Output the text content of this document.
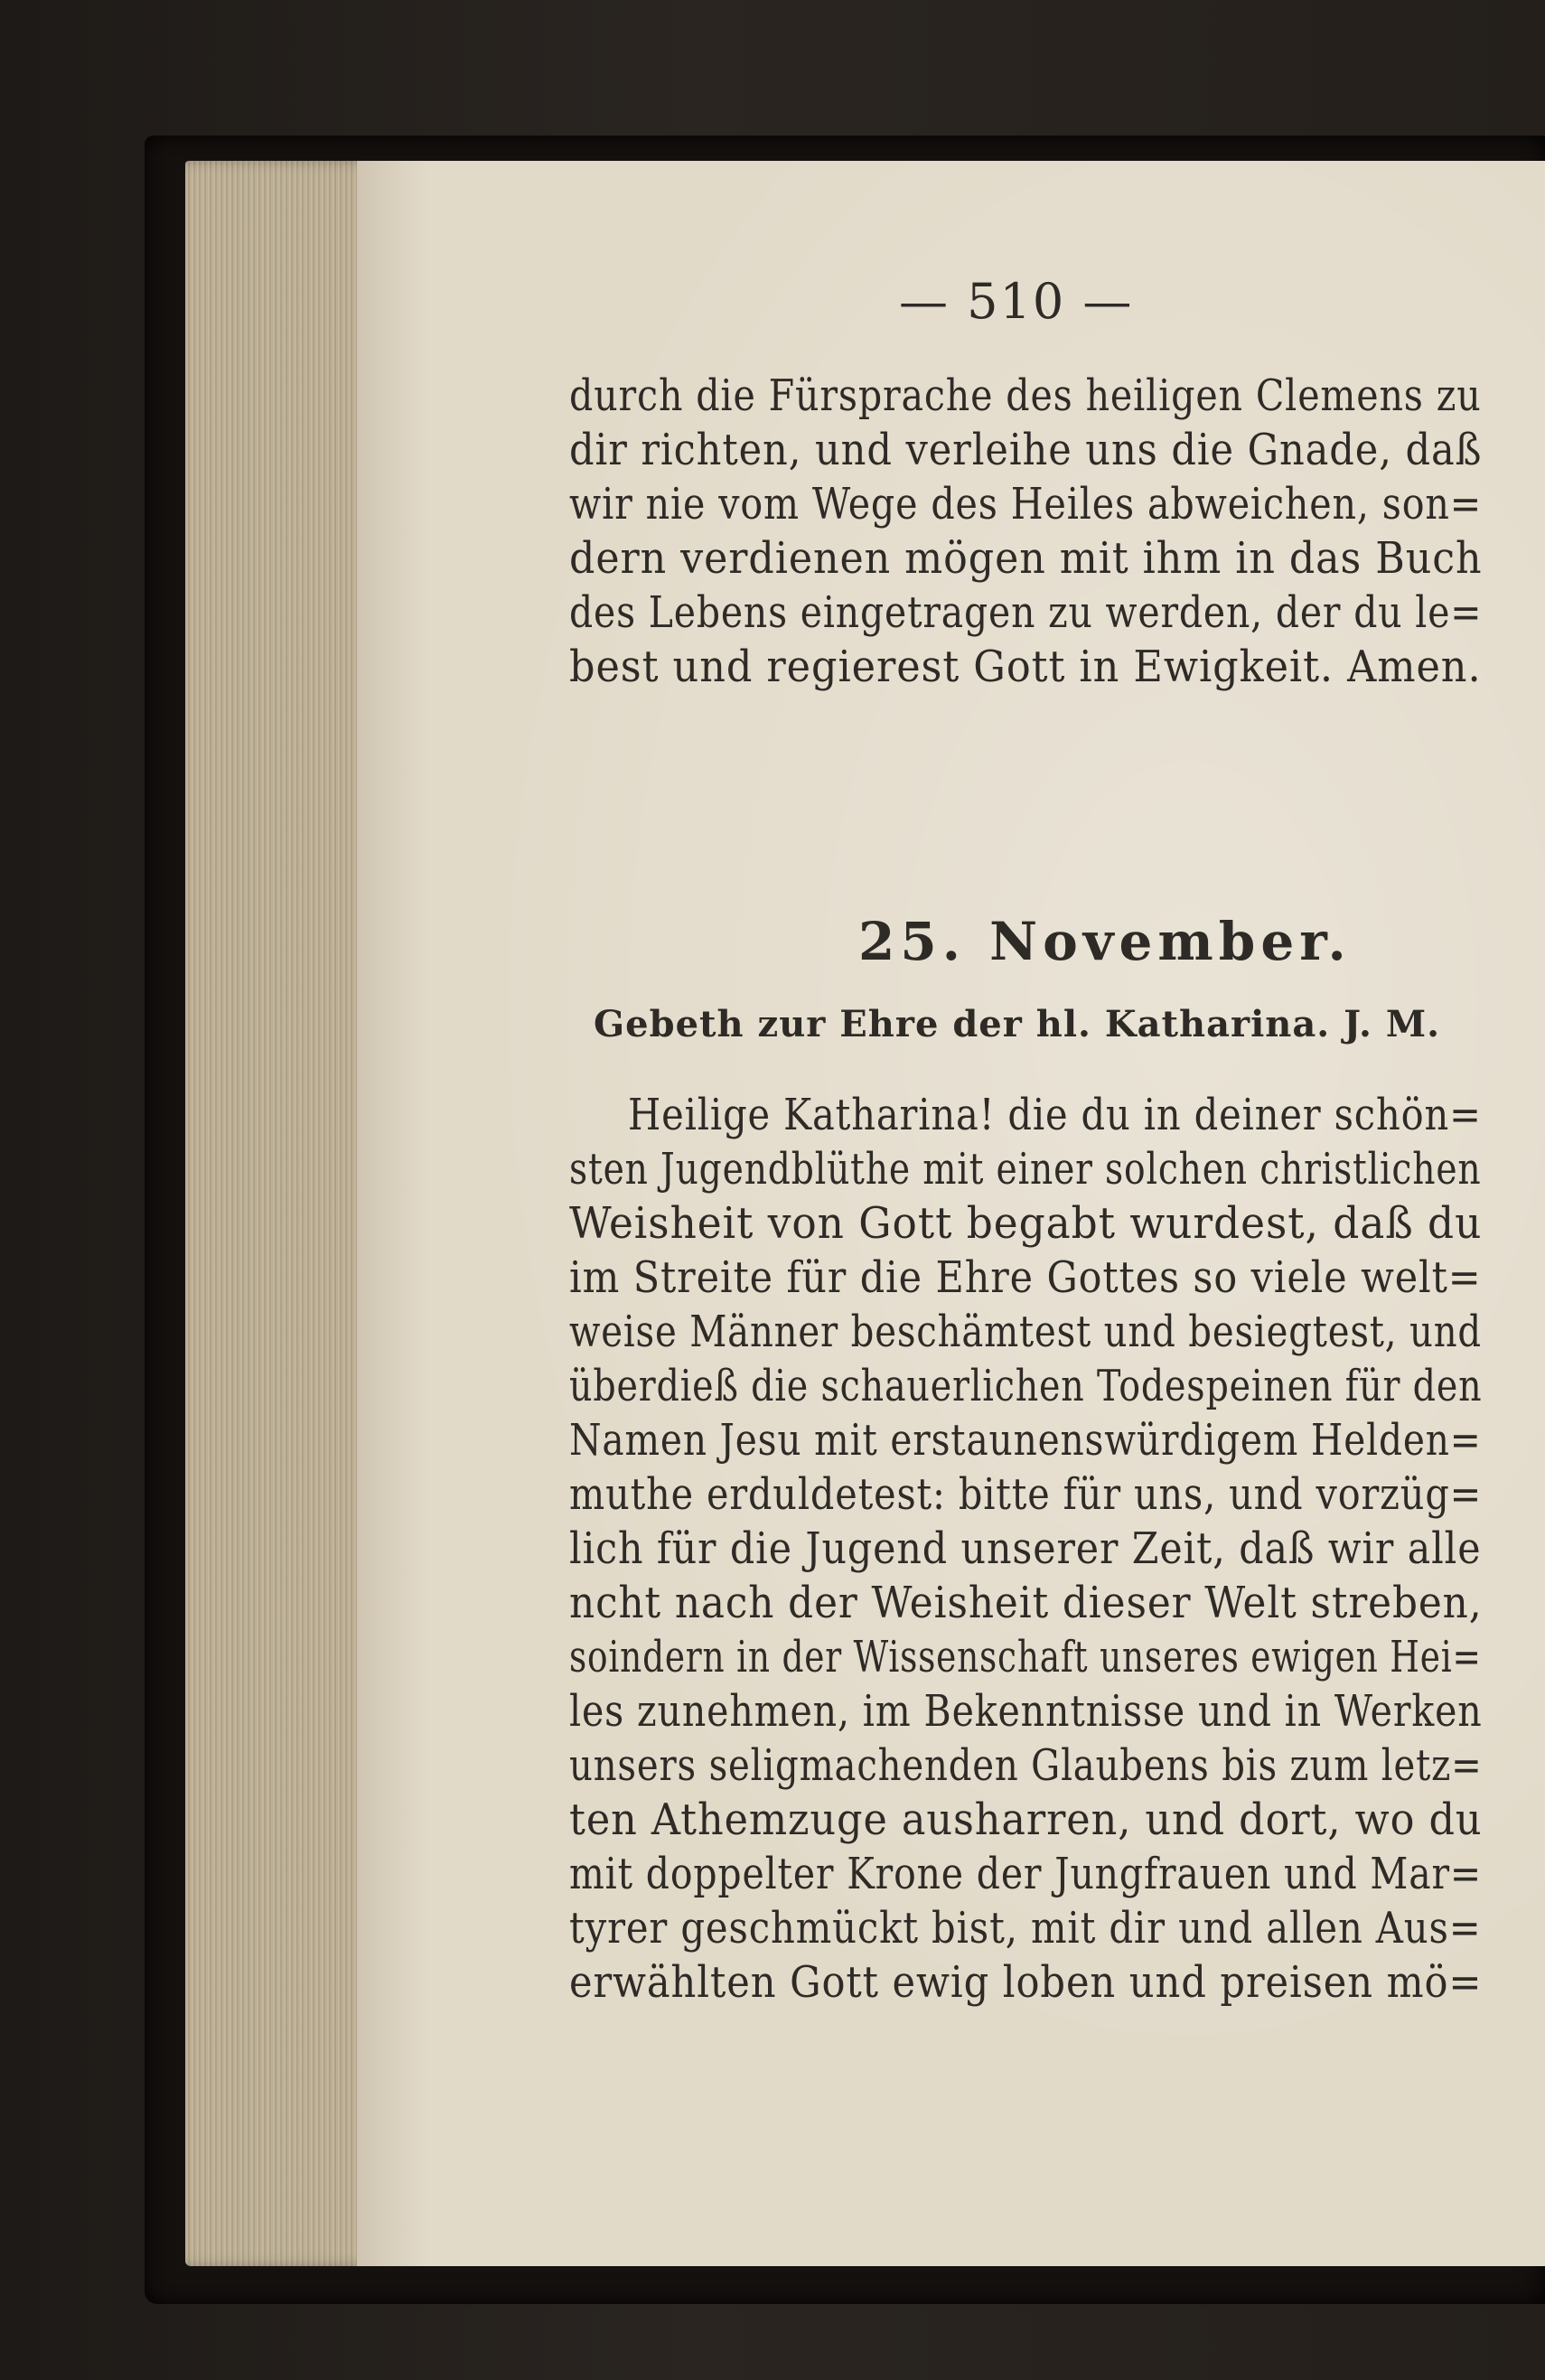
— 510 —
durch die Fürsprache des heiligen Clemens zu
dir richten, und verleihe uns die Gnade, daß
wir nie vom Wege des Heiles abweichen, son=
dern verdienen mögen mit ihm in das Buch
des Lebens eingetragen zu werden, der du le=
best und regierest Gott in Ewigkeit. Amen.
25. November.
Gebeth zur Ehre der hl. Katharina. J. M.
Heilige Katharina! die du in deiner schön=
sten Jugendblüthe mit einer solchen christlichen
Weisheit von Gott begabt wurdest, daß du
im Streite für die Ehre Gottes so viele welt=
weise Männer beschämtest und besiegtest, und
überdieß die schauerlichen Todespeinen für den
Namen Jesu mit erstaunenswürdigem Helden=
muthe erduldetest: bitte für uns, und vorzüg=
lich für die Jugend unserer Zeit, daß wir alle
ncht nach der Weisheit dieser Welt streben,
soindern in der Wissenschaft unseres ewigen Hei=
les zunehmen, im Bekenntnisse und in Werken
unsers seligmachenden Glaubens bis zum letz=
ten Athemzuge ausharren, und dort, wo du
mit doppelter Krone der Jungfrauen und Mar=
tyrer geschmückt bist, mit dir und allen Aus=
erwählten Gott ewig loben und preisen mö=
